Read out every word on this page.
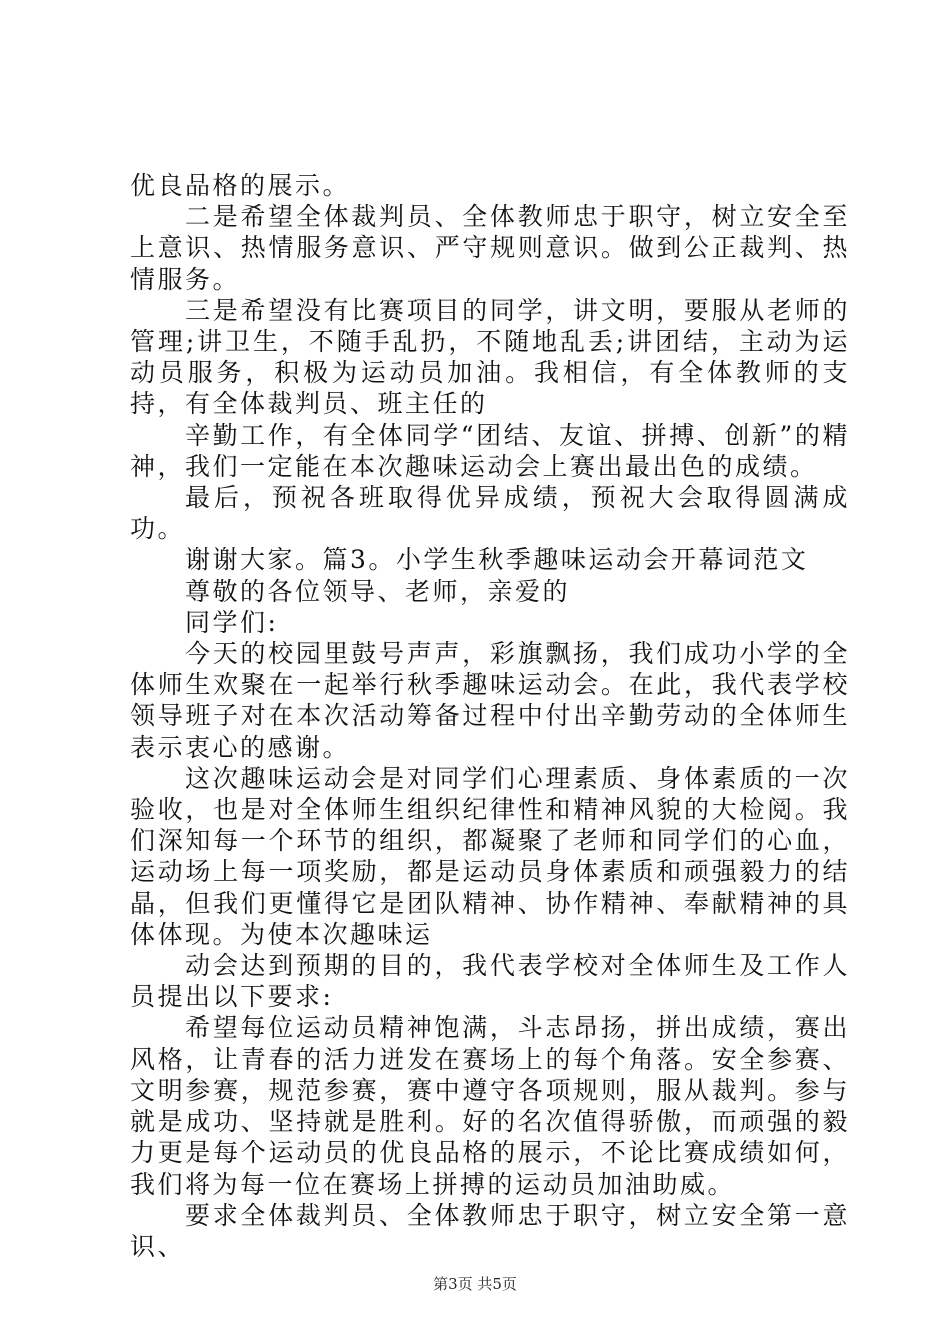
优良品格的展示。

二是希望全体裁判员、全体教师忠于职守，树立安全至上意识、热情服务意识、严守规则意识。做到公正裁判、热情服务。

三是希望没有比赛项目的同学，讲文明，要服从老师的管理;讲卫生，不随手乱扔，不随地乱丢;讲团结，主动为运动员服务，积极为运动员加油。我相信，有全体教师的支持，有全体裁判员、班主任的

辛勤工作，有全体同学“团结、友谊、拼搏、创新”的精神，我们一定能在本次趣味运动会上赛出最出色的成绩。

最后，预祝各班取得优异成绩，预祝大会取得圆满成功。

谢谢大家。篇3。小学生秋季趣味运动会开幕词范文

尊敬的各位领导、老师，亲爱的

同学们:

今天的校园里鼓号声声，彩旗飘扬，我们成功小学的全体师生欢聚在一起举行秋季趣味运动会。在此，我代表学校领导班子对在本次活动筹备过程中付出辛勤劳动的全体师生表示衷心的感谢。

这次趣味运动会是对同学们心理素质、身体素质的一次验收，也是对全体师生组织纪律性和精神风貌的大检阅。我们深知每一个环节的组织，都凝聚了老师和同学们的心血，运动场上每一项奖励，都是运动员身体素质和顽强毅力的结晶，但我们更懂得它是团队精神、协作精神、奉献精神的具体体现。为使本次趣味运

动会达到预期的目的，我代表学校对全体师生及工作人员提出以下要求:

希望每位运动员精神饱满，斗志昂扬，拼出成绩，赛出风格，让青春的活力迸发在赛场上的每个角落。安全参赛、文明参赛，规范参赛，赛中遵守各项规则，服从裁判。参与就是成功、坚持就是胜利。好的名次值得骄傲，而顽强的毅力更是每个运动员的优良品格的展示，不论比赛成绩如何，我们将为每一位在赛场上拼搏的运动员加油助威。

要求全体裁判员、全体教师忠于职守，树立安全第一意识、

第3页 共5页
